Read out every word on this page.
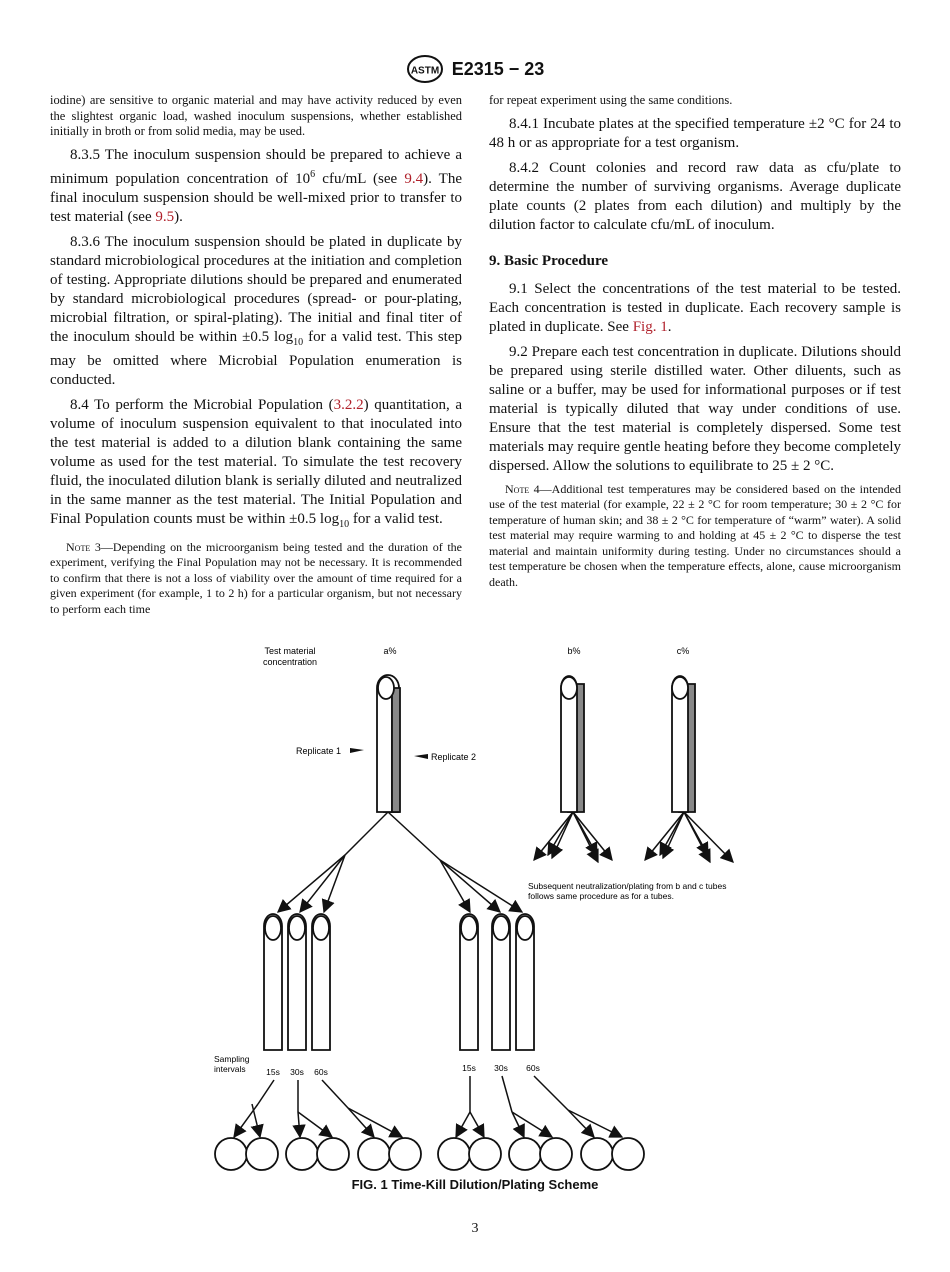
ASTM E2315 − 23

iodine) are sensitive to organic material and may have activity reduced by even the slightest organic load, washed inoculum suspensions, whether established initially in broth or from solid media, may be used.

8.3.5 The inoculum suspension should be prepared to achieve a minimum population concentration of $10^6$ cfu/mL (see 9.4). The final inoculum suspension should be well-mixed prior to transfer to test material (see 9.5).

8.3.6 The inoculum suspension should be plated in duplicate by standard microbiological procedures at the initiation and completion of testing. Appropriate dilutions should be prepared and enumerated by standard microbiological procedures (spread- or pour-plating, microbial filtration, or spiral-plating). The initial and final titer of the inoculum should be within ±0.5 $\log_{10}$ for a valid test. This step may be omitted where Microbial Population enumeration is conducted.

8.4 To perform the Microbial Population (3.2.2) quantitation, a volume of inoculum suspension equivalent to that inoculated into the test material is added to a dilution blank containing the same volume as used for the test material. To simulate the test recovery fluid, the inoculated dilution blank is serially diluted and neutralized in the same manner as the test material. The Initial Population and Final Population counts must be within ±0.5 $\log_{10}$ for a valid test.

Note 3—Depending on the microorganism being tested and the duration of the experiment, verifying the Final Population may not be necessary. It is recommended to confirm that there is not a loss of viability over the amount of time required for a given experiment (for example, 1 to 2 h) for a particular organism, but not necessary to perform each time

for repeat experiment using the same conditions.

8.4.1 Incubate plates at the specified temperature ±2 °C for 24 to 48 h or as appropriate for a test organism.

8.4.2 Count colonies and record raw data as cfu/plate to determine the number of surviving organisms. Average duplicate plate counts (2 plates from each dilution) and multiply by the dilution factor to calculate cfu/mL of inoculum.

9. Basic Procedure

9.1 Select the concentrations of the test material to be tested. Each concentration is tested in duplicate. Each recovery sample is plated in duplicate. See Fig. 1.

9.2 Prepare each test concentration in duplicate. Dilutions should be prepared using sterile distilled water. Other diluents, such as saline or a buffer, may be used for informational purposes or if test material is typically diluted that way under conditions of use. Ensure that the test material is completely dispersed. Some test materials may require gentle heating before they become completely dispersed. Allow the solutions to equilibrate to 25 ± 2 °C.

Note 4—Additional test temperatures may be considered based on the intended use of the test material (for example, 22 ± 2 °C for room temperature; 30 ± 2 °C for temperature of human skin; and 38 ± 2 °C for temperature of “warm” water). A solid test material may require warming to and holding at 45 ± 2 °C to disperse the test material and maintain uniformity during testing. Under no circumstances should a test temperature be chosen when the temperature effects, alone, cause microorganism death.

Test material
concentration
a%	b%	c%
Replicate 1
Replicate 2
Subsequent neutralization/plating from b and c tubes
follows same procedure as for a tubes.
Sampling
intervals 15s 30s 60s	15s 30s 60s
FIG. 1 Time-Kill Dilution/Plating Scheme
3
